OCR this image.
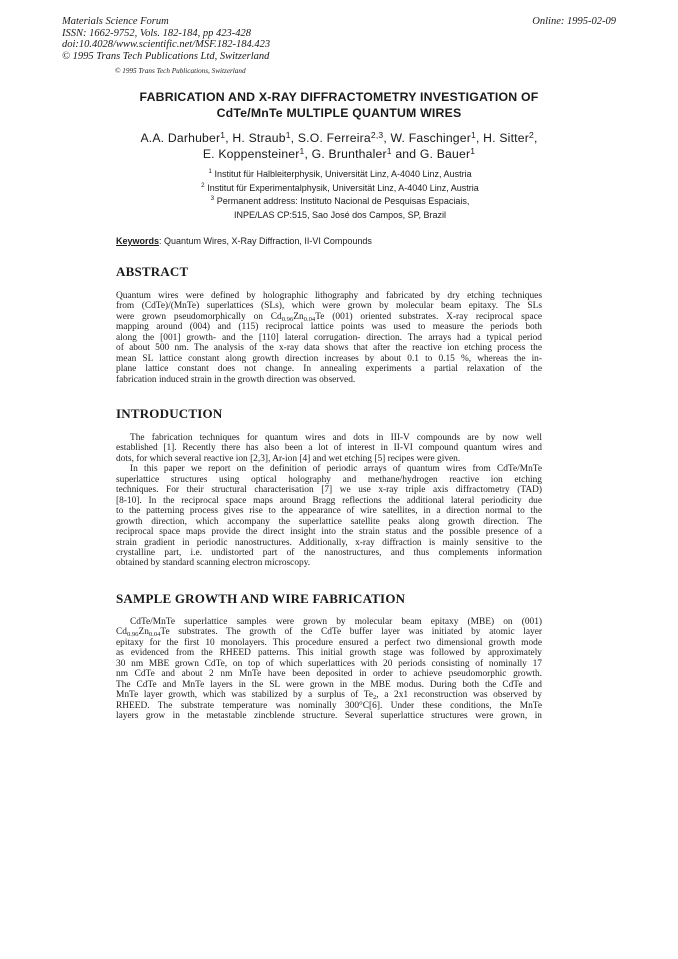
Materials Science Forum
ISSN: 1662-9752, Vols. 182-184, pp 423-428
doi:10.4028/www.scientific.net/MSF.182-184.423
© 1995 Trans Tech Publications Ltd, Switzerland
Online: 1995-02-09
© 1995 Trans Tech Publications, Switzerland
FABRICATION AND X-RAY DIFFRACTOMETRY INVESTIGATION OF
CdTe/MnTe MULTIPLE QUANTUM WIRES
A.A. Darhuber$^1$, H. Straub$^1$, S.O. Ferreira$^{2,3}$, W. Faschinger$^1$, H. Sitter$^2$,
E. Koppensteiner$^1$, G. Brunthaler$^1$ and G. Bauer$^1$
$^1$ Institut für Halbleiterphysik, Universität Linz, A-4040 Linz, Austria
$^2$ Institut für Experimentalphysik, Universität Linz, A-4040 Linz, Austria
$^3$ Permanent address: Instituto Nacional de Pesquisas Espaciais,
INPE/LAS CP:515, Sao José dos Campos, SP, Brazil
Keywords: Quantum Wires, X-Ray Diffraction, II-VI Compounds
ABSTRACT
Quantum wires were defined by holographic lithography and fabricated by dry etching techniques
from (CdTe)/(MnTe) superlattices (SLs), which were grown by molecular beam epitaxy. The SLs
were grown pseudomorphically on $Cd_{0.96}Zn_{0.04}Te$ (001) oriented substrates. X-ray reciprocal space
mapping around (004) and (115) reciprocal lattice points was used to measure the periods both
along the [001] growth- and the [110] lateral corrugation- direction. The arrays had a typical period
of about 500 nm. The analysis of the x-ray data shows that after the reactive ion etching process the
mean SL lattice constant along growth direction increases by about 0.1 to 0.15 %, whereas the in-
plane lattice constant does not change. In annealing experiments a partial relaxation of the
fabrication induced strain in the growth direction was observed.
INTRODUCTION
The fabrication techniques for quantum wires and dots in III-V compounds are by now well
established [1]. Recently there has also been a lot of interest in II-VI compound quantum wires and
dots, for which several reactive ion [2,3], Ar-ion [4] and wet etching [5] recipes were given.
In this paper we report on the definition of periodic arrays of quantum wires from CdTe/MnTe
superlattice structures using optical holography and methane/hydrogen reactive ion etching
techniques. For their structural characterisation [7] we use x-ray triple axis diffractometry (TAD)
[8-10]. In the reciprocal space maps around Bragg reflections the additional lateral periodicity due
to the patterning process gives rise to the appearance of wire satellites, in a direction normal to the
growth direction, which accompany the superlattice satellite peaks along growth direction. The
reciprocal space maps provide the direct insight into the strain status and the possible presence of a
strain gradient in periodic nanostructures. Additionally, x-ray diffraction is mainly sensitive to the
crystalline part, i.e. undistorted part of the nanostructures, and thus complements information
obtained by standard scanning electron microscopy.
SAMPLE GROWTH AND WIRE FABRICATION
CdTe/MnTe superlattice samples were grown by molecular beam epitaxy (MBE) on (001)
$Cd_{0.96}Zn_{0.04}Te$ substrates. The growth of the CdTe buffer layer was initiated by atomic layer
epitaxy for the first 10 monolayers. This procedure ensured a perfect two dimensional growth mode
as evidenced from the RHEED patterns. This initial growth stage was followed by approximately
30 nm MBE grown CdTe, on top of which superlattices with 20 periods consisting of nominally 17
nm CdTe and about 2 nm MnTe have been deposited in order to achieve pseudomorphic growth.
The CdTe and MnTe layers in the SL were grown in the MBE modus. During both the CdTe and
MnTe layer growth, which was stabilized by a surplus of $Te_2$, a 2x1 reconstruction was observed by
RHEED. The substrate temperature was nominally 300°C[6]. Under these conditions, the MnTe
layers grow in the metastable zincblende structure. Several superlattice structures were grown, in
